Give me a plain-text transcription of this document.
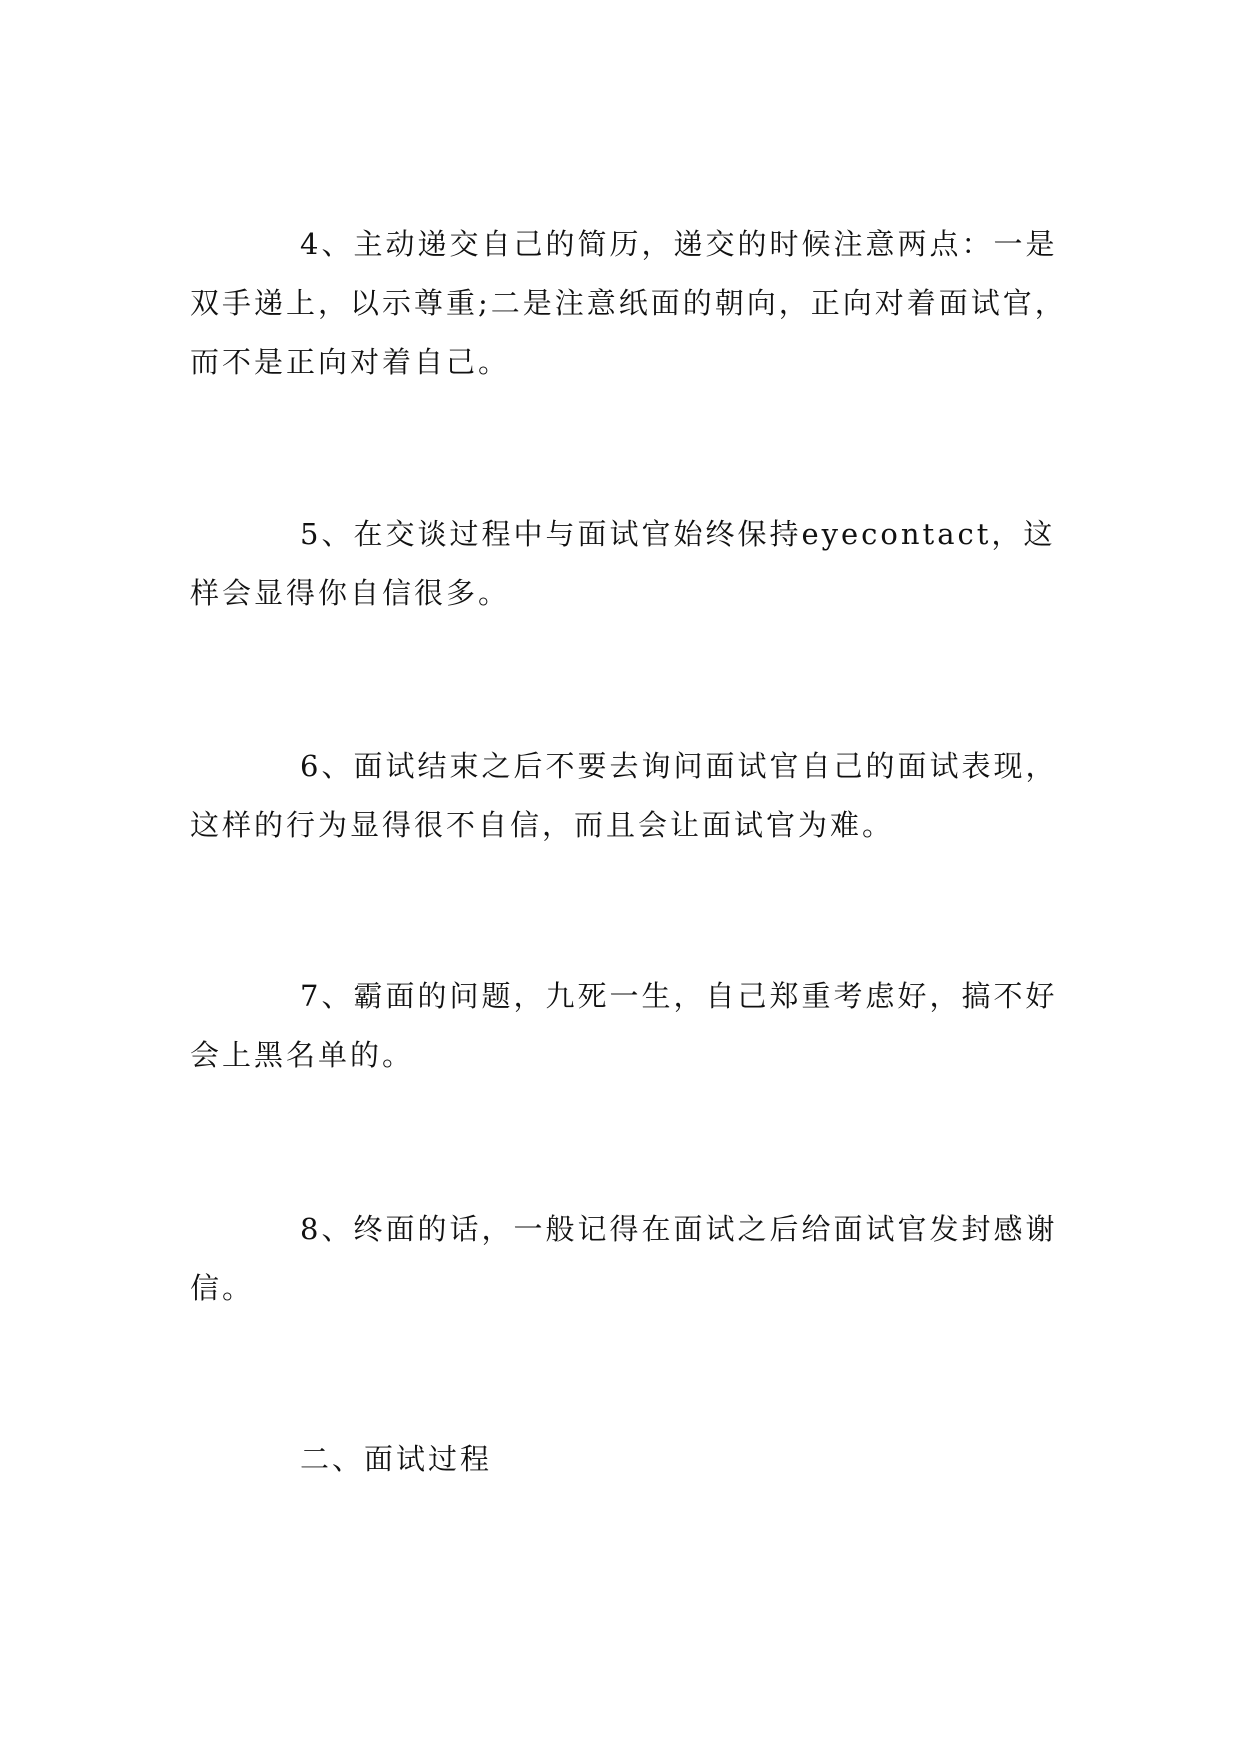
4、主动递交自己的简历，递交的时候注意两点：一是双手递上，以示尊重;二是注意纸面的朝向，正向对着面试官，而不是正向对着自己。

5、在交谈过程中与面试官始终保持eyecontact，这样会显得你自信很多。

6、面试结束之后不要去询问面试官自己的面试表现，这样的行为显得很不自信，而且会让面试官为难。

7、霸面的问题，九死一生，自己郑重考虑好，搞不好会上黑名单的。

8、终面的话，一般记得在面试之后给面试官发封感谢信。

二、面试过程
